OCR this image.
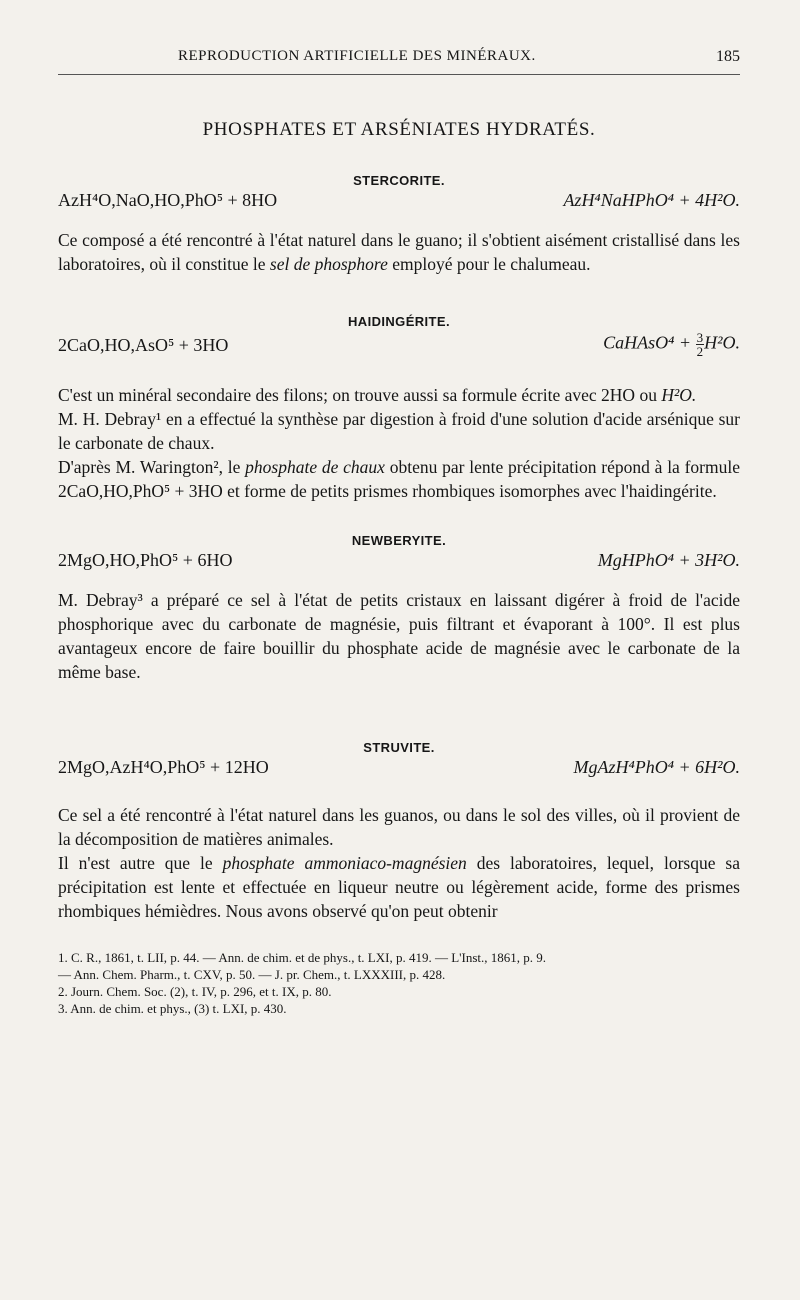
REPRODUCTION ARTIFICIELLE DES MINÉRAUX.	185
PHOSPHATES ET ARSÉNIATES HYDRATÉS.
STERCORITE.
AzH⁴O,NaO,HO,PhO⁵ + 8HO	AzH⁴NaHPhO⁴ + 4H²O.

Ce composé a été rencontré à l'état naturel dans le guano; il s'obtient aisément cristallisé dans les laboratoires, où il constitue le sel de phosphore employé pour le chalumeau.

HAIDINGÉRITE.
2CaO,HO,AsO⁵ + 3HO	CaHAsO⁴ + $\frac{3}{2} H^2O$.

C'est un minéral secondaire des filons; on trouve aussi sa formule écrite avec 2HO ou H²O.

M. H. Debray¹ en a effectué la synthèse par digestion à froid d'une solution d'acide arsénique sur le carbonate de chaux.

D'après M. Warington², le phosphate de chaux obtenu par lente précipitation répond à la formule 2CaO,HO,PhO⁵ + 3HO et forme de petits prismes rhombiques isomorphes avec l'haidingérite.

NEWBERYITE.
2MgO,HO,PhO⁵ + 6HO	MgHPhO⁴ + 3H²O.

M. Debray³ a préparé ce sel à l'état de petits cristaux en laissant digérer à froid de l'acide phosphorique avec du carbonate de magnésie, puis filtrant et évaporant à 100°. Il est plus avantageux encore de faire bouillir du phosphate acide de magnésie avec le carbonate de la même base.

STRUVITE.
2MgO,AzH⁴O,PhO⁵ + 12HO	MgAzH⁴PhO⁴ + 6H²O.

Ce sel a été rencontré à l'état naturel dans les guanos, ou dans le sol des villes, où il provient de la décomposition de matières animales.

Il n'est autre que le phosphate ammoniaco-magnésien des laboratoires, lequel, lorsque sa précipitation est lente et effectuée en liqueur neutre ou légèrement acide, forme des prismes rhombiques hémièdres. Nous avons observé qu'on peut obtenir

1. C. R., 1861, t. LII, p. 44. — Ann. de chim. et de phys., t. LXI, p. 419. — L'Inst., 1861, p. 9.
— Ann. Chem. Pharm., t. CXV, p. 50. — J. pr. Chem., t. LXXXIII, p. 428.
2. Journ. Chem. Soc. (2), t. IV, p. 296, et t. IX, p. 80.
3. Ann. de chim. et phys., (3) t. LXI, p. 430.
